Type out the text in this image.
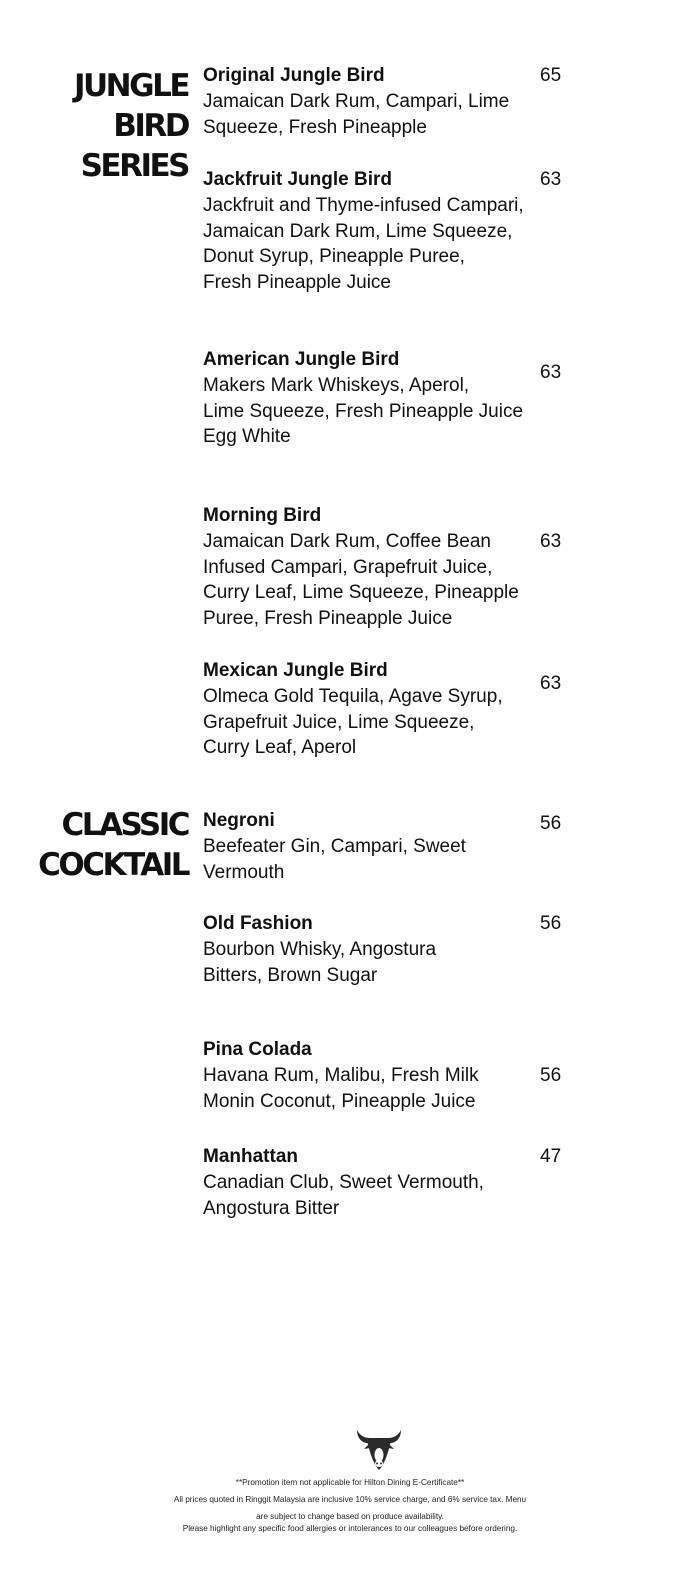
JUNGLE
BIRD
SERIES
CLASSIC
COCKTAIL
Original Jungle Bird
Jamaican Dark Rum, Campari, Lime
Squeeze, Fresh Pineapple
65
Jackfruit Jungle Bird
Jackfruit and Thyme-infused Campari,
Jamaican Dark Rum, Lime Squeeze,
Donut Syrup, Pineapple Puree,
Fresh Pineapple Juice
63
American Jungle Bird
Makers Mark Whiskeys, Aperol,
Lime Squeeze, Fresh Pineapple Juice
Egg White
63
Morning Bird
Jamaican Dark Rum, Coffee Bean
Infused Campari, Grapefruit Juice,
Curry Leaf, Lime Squeeze, Pineapple
Puree, Fresh Pineapple Juice
63
Mexican Jungle Bird
Olmeca Gold Tequila, Agave Syrup,
Grapefruit Juice, Lime Squeeze,
Curry Leaf, Aperol
63
Negroni
Beefeater Gin, Campari, Sweet
Vermouth
56
Old Fashion
Bourbon Whisky, Angostura
Bitters, Brown Sugar
56
Pina Colada
Havana Rum, Malibu, Fresh Milk
Monin Coconut, Pineapple Juice
56
Manhattan
Canadian Club, Sweet Vermouth,
Angostura Bitter
47
**Promotion item not applicable for Hilton Dining E-Certificate**
All prices quoted in Ringgit Malaysia are inclusive 10% service charge, and 6% service tax. Menu
are subject to change based on produce availability.
Please highlight any specific food allergies or intolerances to our colleagues before ordering.
